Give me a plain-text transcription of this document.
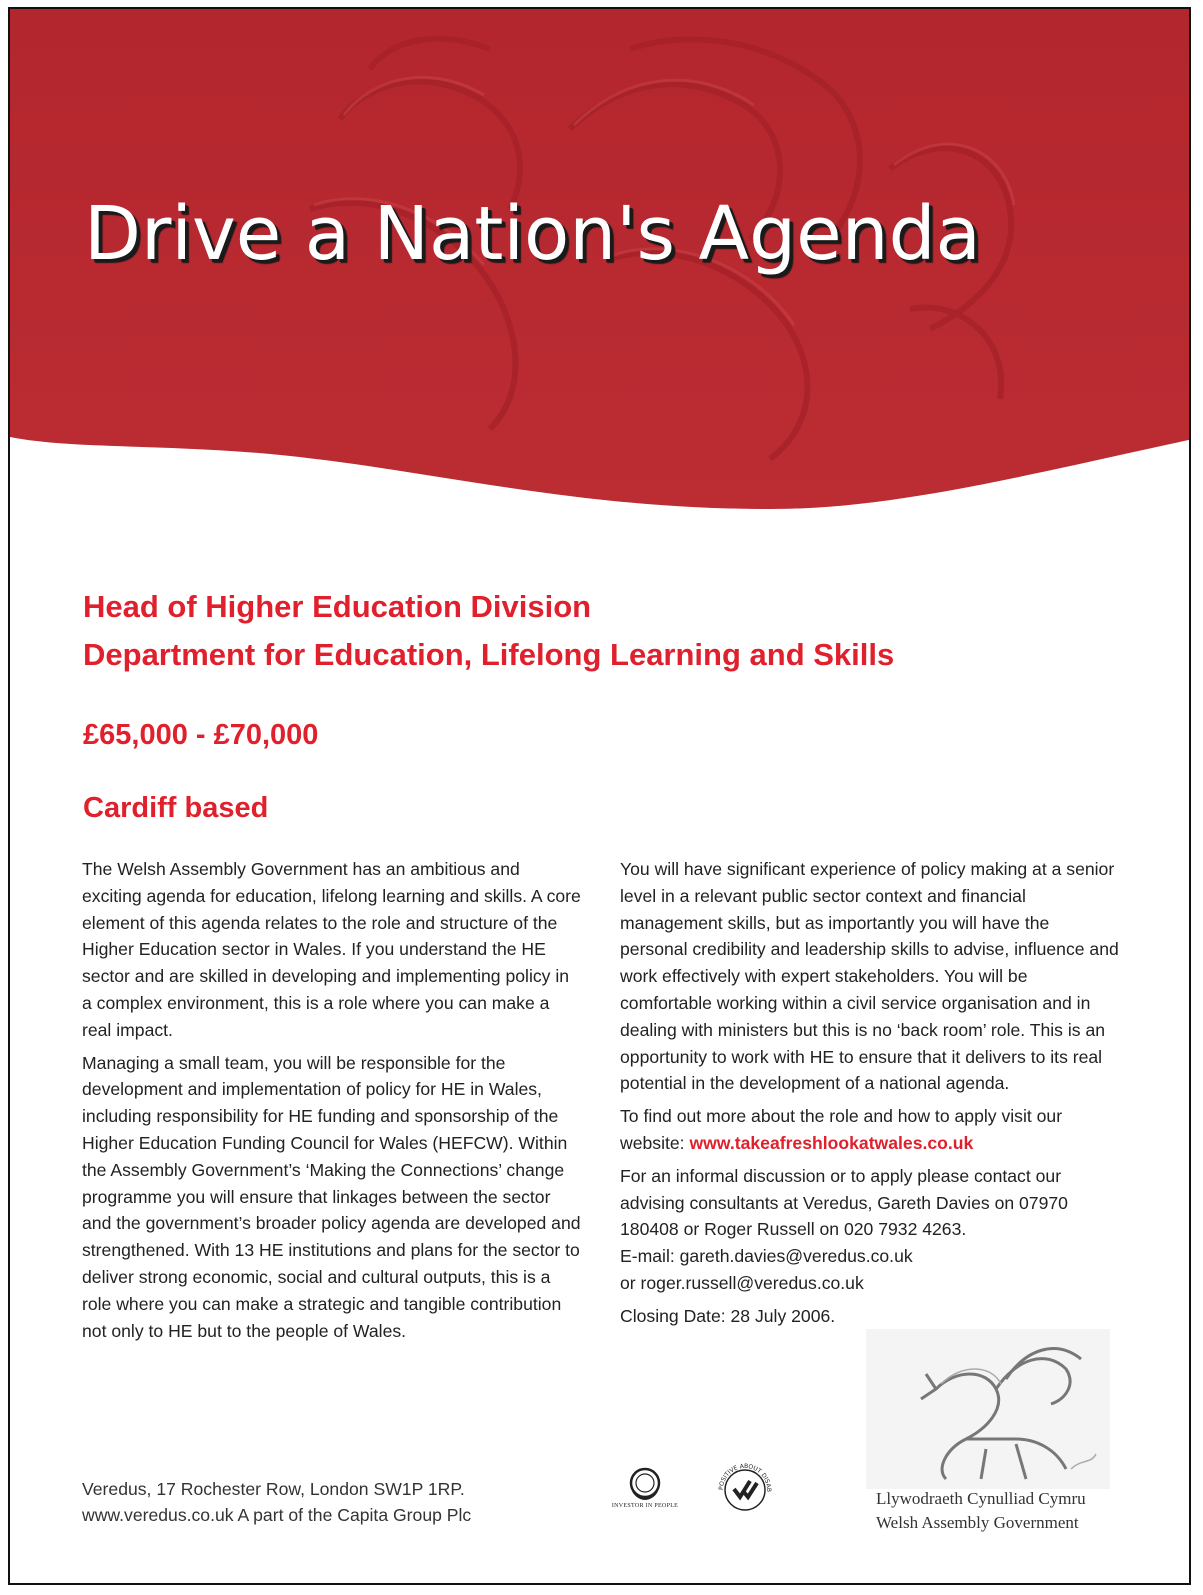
Drive a Nation's Agenda
Head of Higher Education Division
Department for Education, Lifelong Learning and Skills
£65,000 - £70,000
Cardiff based

The Welsh Assembly Government has an ambitious and exciting agenda for education, lifelong learning and skills. A core element of this agenda relates to the role and structure of the Higher Education sector in Wales. If you understand the HE sector and are skilled in developing and implementing policy in a complex environment, this is a role where you can make a real impact.

Managing a small team, you will be responsible for the development and implementation of policy for HE in Wales, including responsibility for HE funding and sponsorship of the Higher Education Funding Council for Wales (HEFCW). Within the Assembly Government’s ‘Making the Connections’ change programme you will ensure that linkages between the sector and the government’s broader policy agenda are developed and strengthened. With 13 HE institutions and plans for the sector to deliver strong economic, social and cultural outputs, this is a role where you can make a strategic and tangible contribution not only to HE but to the people of Wales.

You will have significant experience of policy making at a senior level in a relevant public sector context and financial management skills, but as importantly you will have the personal credibility and leadership skills to advise, influence and work effectively with expert stakeholders. You will be comfortable working within a civil service organisation and in dealing with ministers but this is no ‘back room’ role. This is an opportunity to work with HE to ensure that it delivers to its real potential in the development of a national agenda.

To find out more about the role and how to apply visit our website: www.takeafreshlookatwales.co.uk

For an informal discussion or to apply please contact our advising consultants at Veredus, Gareth Davies on 07970 180408 or Roger Russell on 020 7932 4263.
E-mail: gareth.davies@veredus.co.uk
or roger.russell@veredus.co.uk

Closing Date: 28 July 2006.

Veredus, 17 Rochester Row, London SW1P 1RP.
www.veredus.co.uk A part of the Capita Group Plc	INVESTOR IN PEOPLE
POSITIVE ABOUT DISAB	Llywodraeth Cynulliad Cymru
Welsh Assembly Government
